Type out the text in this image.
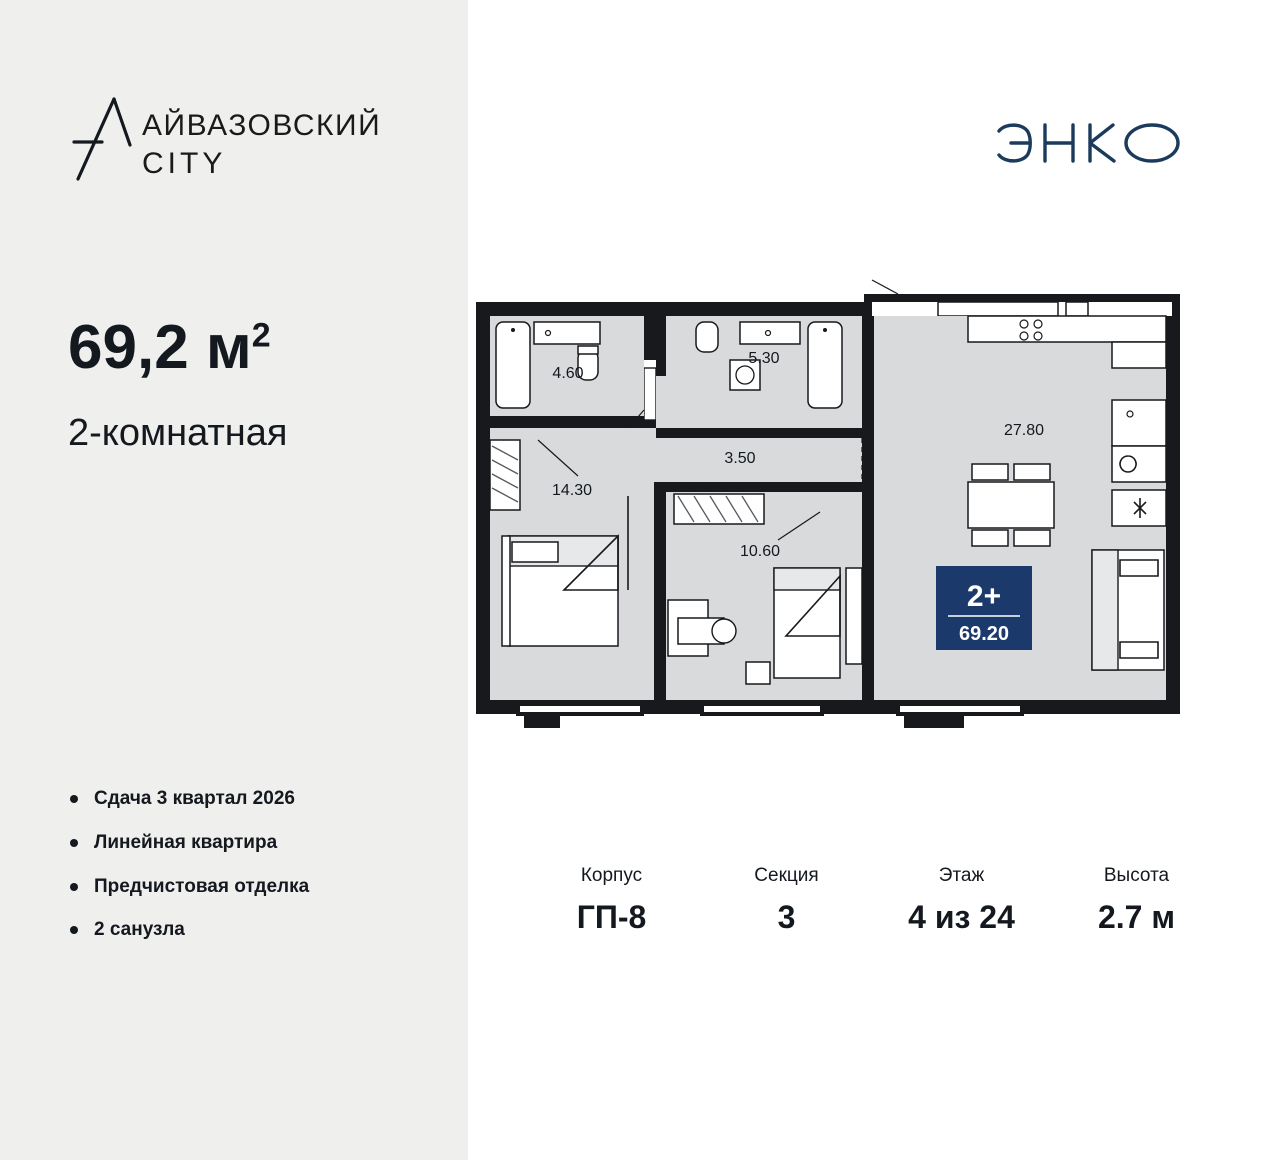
АЙВАЗОВСКИЙ
CITY
69,2 $м^2$
2-комнатная
Сдача 3 квартал 2026
Линейная квартира
Предчистовая отделка
2 санузла
4.60
5.30
3.50
14.30
10.60
27.80
2+
69.20
Корпус
ГП-8
Секция
3
Этаж
4 из 24
Высота
2.7 м
